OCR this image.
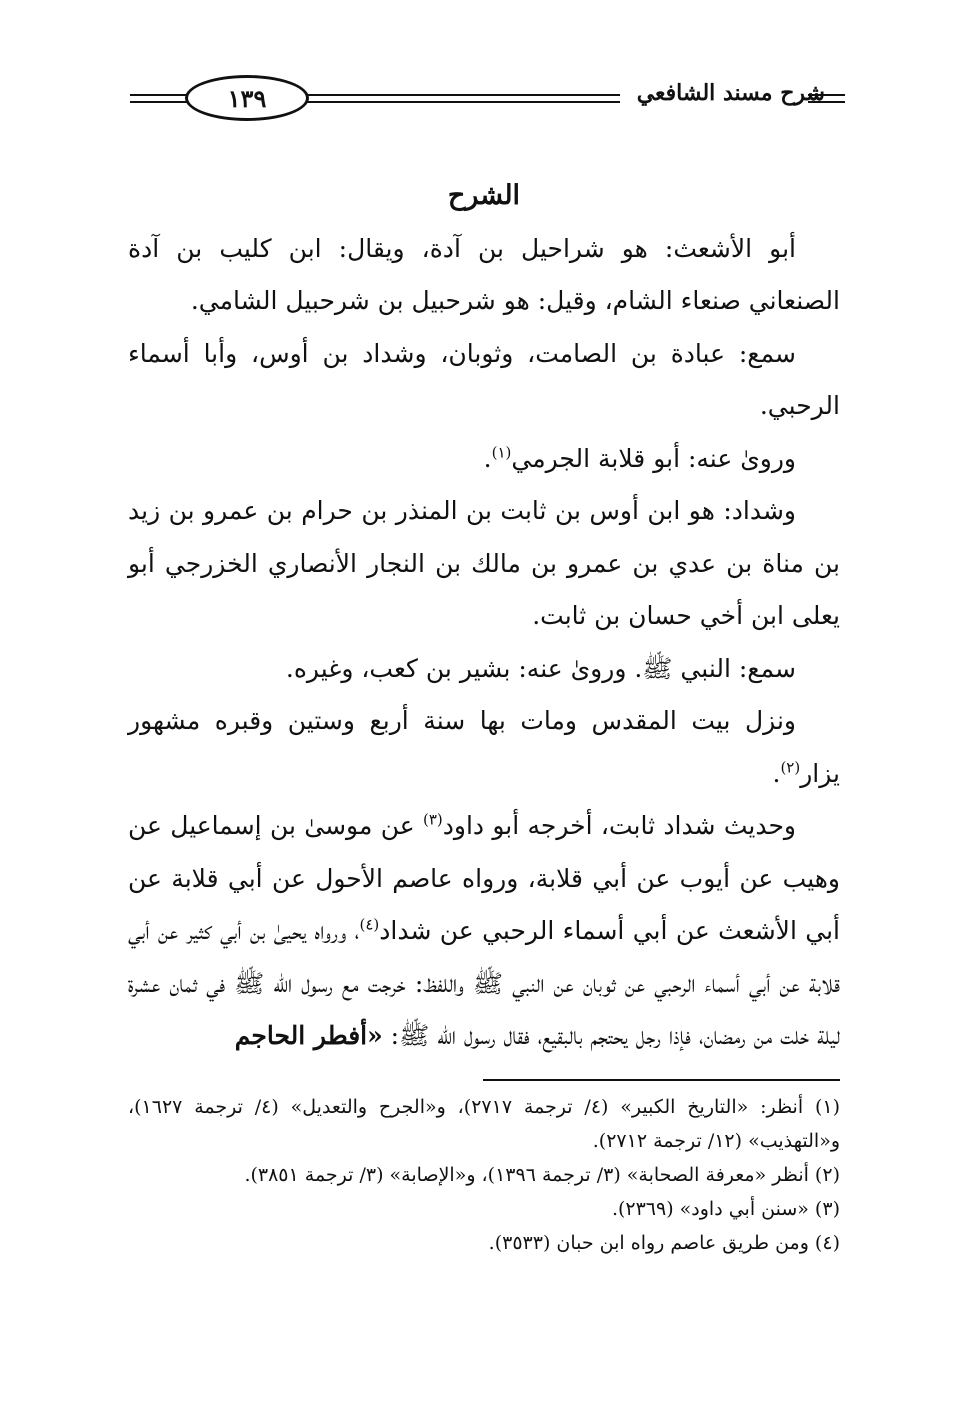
١٣٩	شرح مسند الشافعي

الشرح

أبو الأشعث: هو شراحيل بن آدة، ويقال: ابن كليب بن آدة الصنعاني صنعاء الشام، وقيل: هو شرحبيل بن شرحبيل الشامي.

سمع: عبادة بن الصامت، وثوبان، وشداد بن أوس، وأبا أسماء الرحبي.

وروىٰ عنه: أبو قلابة الجرمي$^{(١)}$.

وشداد: هو ابن أوس بن ثابت بن المنذر بن حرام بن عمرو بن زيد بن مناة بن عدي بن عمرو بن مالك بن النجار الأنصاري الخزرجي أبو يعلى ابن أخي حسان بن ثابت.

سمع: النبي ﷺ. وروىٰ عنه: بشير بن كعب، وغيره.

ونزل بيت المقدس ومات بها سنة أربع وستين وقبره مشهور يزار$^{(٢)}$.

وحديث شداد ثابت، أخرجه أبو داود$^{(٣)}$ عن موسىٰ بن إسماعيل عن وهيب عن أيوب عن أبي قلابة، ورواه عاصم الأحول عن أبي قلابة عن أبي الأشعث عن أبي أسماء الرحبي عن شداد$^{(٤)}$، ورواه يحيىٰ بن أبي كثير عن أبي قلابة عن أبي أسماء الرحبي عن ثوبان عن النبي ﷺ واللفظ: خرجت مع رسول الله ﷺ في ثمان عشرة ليلة خلت من رمضان، فإذا رجل يحتجم بالبقيع، فقال رسول الله ﷺ: «أفطر الحاجم

(١) أنظر: «التاريخ الكبير» (٤/ ترجمة ٢٧١٧)، و«الجرح والتعديل» (٤/ ترجمة ١٦٢٧)، و«التهذيب» (١٢/ ترجمة ٢٧١٢).

(٢) أنظر «معرفة الصحابة» (٣/ ترجمة ١٣٩٦)، و«الإصابة» (٣/ ترجمة ٣٨٥١).

(٣) «سنن أبي داود» (٢٣٦٩).

(٤) ومن طريق عاصم رواه ابن حبان (٣٥٣٣).
